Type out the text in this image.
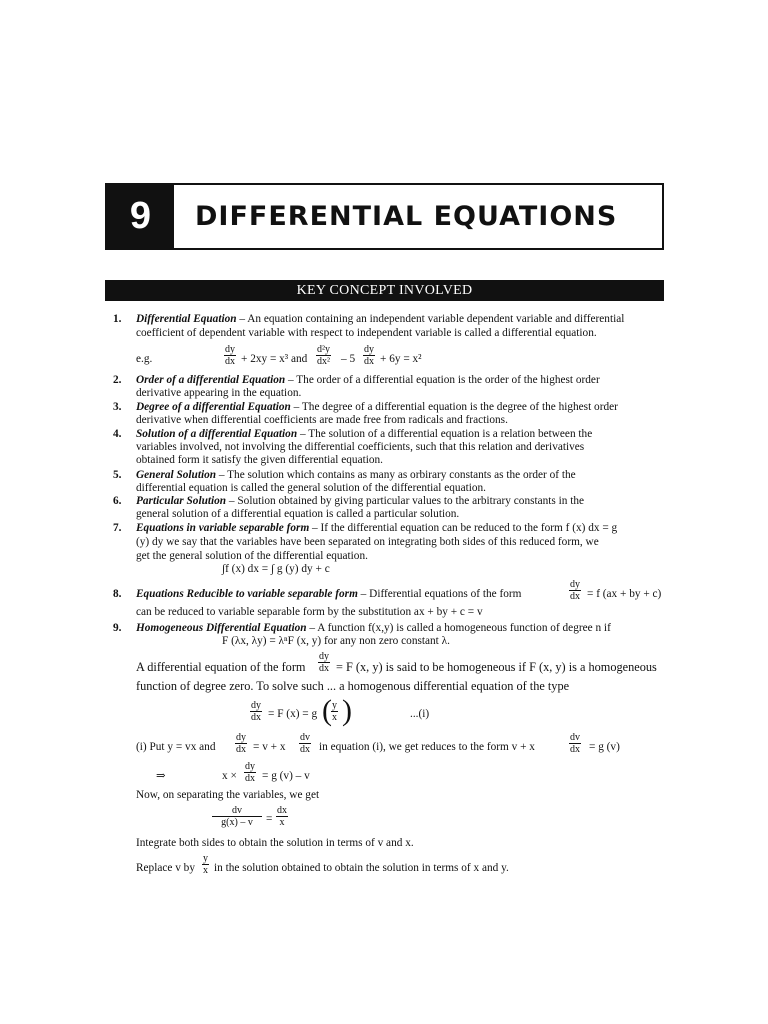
9	DIFFERENTIAL EQUATIONS
KEY CONCEPT INVOLVED
1. Differential Equation – An equation containing an independent variable dependent variable and differential
coefficient of dependent variable with respect to independent variable is called a differential equation.
e.g.	$\frac{dy}{dx} + 2xy = x^3$ and $\frac{\text{d²y}}{\text{dx²}} - 5 \frac{dy}{dx} + 6y = x^2$
2. Order of a differential Equation – The order of a differential equation is the order of the highest order
derivative appearing in the equation.
3. Degree of a differential Equation – The degree of a differential equation is the degree of the highest order
derivative when differential coefficients are made free from radicals and fractions.
4. Solution of a differential Equation – The solution of a differential equation is a relation between the
variables involved, not involving the differential coefficients, such that this relation and derivatives
obtained form it satisfy the given differential equation.
5. General Solution – The solution which contains as many as orbirary constants as the order of the
differential equation is called the general solution of the differential equation.
6. Particular Solution – Solution obtained by giving particular values to the arbitrary constants in the
general solution of a differential equation is called a particular solution.
7. Equations in variable separable form – If the differential equation can be reduced to the form f (x) dx = g
(y) dy we say that the variables have been separated on integrating both sides of this reduced form, we
get the general solution of the differential equation.
∫f (x) dx = ∫ g (y) dy + c
8. Equations Reducible to variable separable form – Differential equations of the form	$\frac{dy}{dx} = f$ (ax + by + c)
can be reduced to variable separable form by the substitution ax + by + c = v
9. Homogeneous Differential Equation – A function f(x,y) is called a homogeneous function of degree n if
F (λx, λy) = λⁿF (x, y) for any non zero constant λ.
A differential equation of the form $\frac{dy}{dx} = F$ (x, y) is said to be homogeneous if F (x, y) is a homogeneous
function of degree zero. To solve such ... a homogenous differential equation of the type
$\frac{dy}{dx} = F$ (x) = g ( $\frac{y}{x}$ )	...(i)
(i) Put y = vx and $\frac{dy}{dx} = v + x \frac{dv}{dx}$ in equation (i), we get reduces to the form v + x	$\frac{dv}{dx} = g$ (v)
⇒	$x \times \frac{dy}{dx} = g$ (v) – v
Now, on separating the variables, we get
$\frac{dv}{g(x) - v} = \frac{dx}{x}$
Integrate both sides to obtain the solution in terms of v and x.
Replace v by $\frac{y}{x}$ in the solution obtained to obtain the solution in terms of x and y.
